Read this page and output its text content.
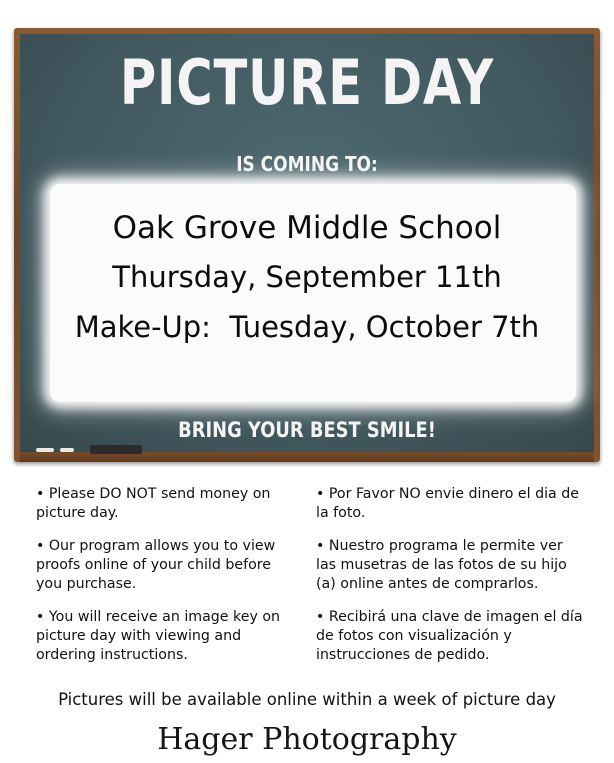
PICTURE DAY
IS COMING TO:
Oak Grove Middle School
Thursday, September 11th
Make-Up:  Tuesday, October 7th
BRING YOUR BEST SMILE!

• Please DO NOT send money on picture day.

• Our program allows you to view proofs online of your child before you purchase.

• You will receive an image key on picture day with viewing and ordering instructions.

• Por Favor NO envie dinero el dia de la foto.

• Nuestro programa le permite ver las musetras de las fotos de su hijo (a) online antes de comprarlos.

• Recibirá una clave de imagen el día de fotos con visualización y instrucciones de pedido.

Pictures will be available online within a week of picture day
Hager Photography
